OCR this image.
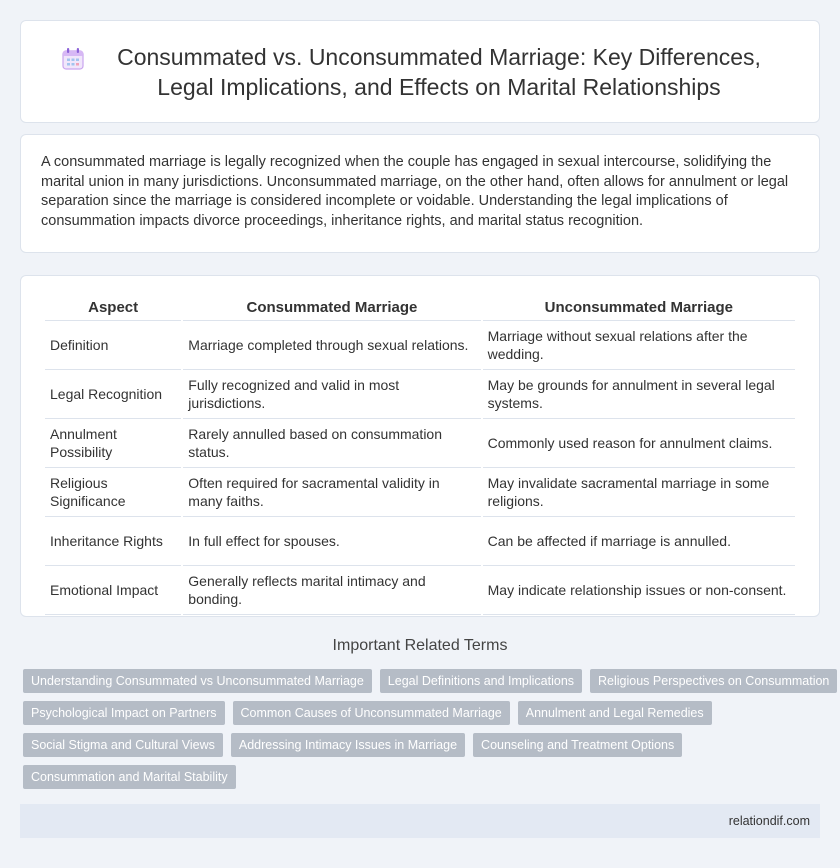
Consummated vs. Unconsummated Marriage: Key Differences, Legal Implications, and Effects on Marital Relationships

A consummated marriage is legally recognized when the couple has engaged in sexual intercourse, solidifying the marital union in many jurisdictions. Unconsummated marriage, on the other hand, often allows for annulment or legal separation since the marriage is considered incomplete or voidable. Understanding the legal implications of consummation impacts divorce proceedings, inheritance rights, and marital status recognition.

Aspect	Consummated Marriage	Unconsummated Marriage
Definition	Marriage completed through sexual relations.	Marriage without sexual relations after the wedding.
Legal Recognition	Fully recognized and valid in most jurisdictions.	May be grounds for annulment in several legal systems.
Annulment Possibility	Rarely annulled based on consummation status.	Commonly used reason for annulment claims.
Religious Significance	Often required for sacramental validity in many faiths.	May invalidate sacramental marriage in some religions.
Inheritance Rights	In full effect for spouses.	Can be affected if marriage is annulled.
Emotional Impact	Generally reflects marital intimacy and bonding.	May indicate relationship issues or non-consent.
Important Related Terms
Understanding Consummated vs Unconsummated Marriage	Legal Definitions and Implications	Religious Perspectives on Consummation
Psychological Impact on Partners	Common Causes of Unconsummated Marriage	Annulment and Legal Remedies
Social Stigma and Cultural Views	Addressing Intimacy Issues in Marriage	Counseling and Treatment Options
Consummation and Marital Stability
relationdif.com
